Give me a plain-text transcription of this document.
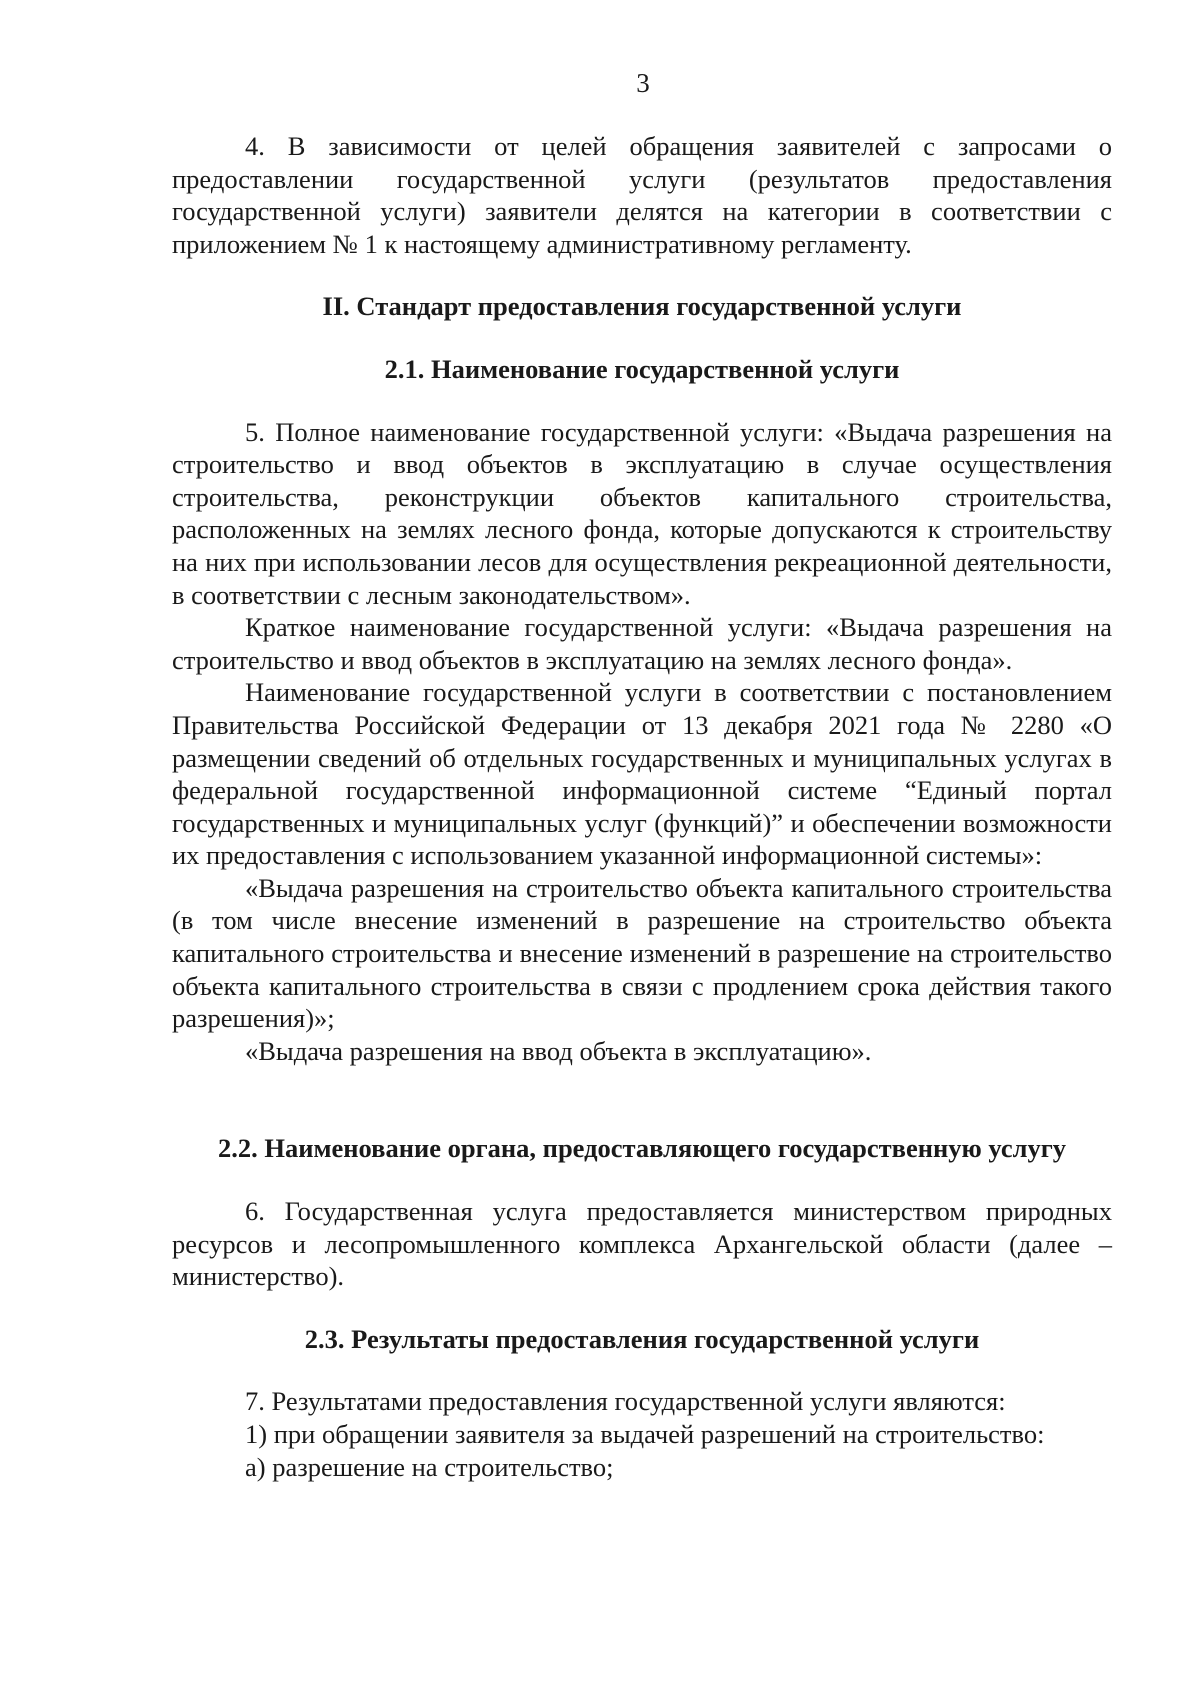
3

4. В зависимости от целей обращения заявителей с запросами о предоставлении государственной услуги (результатов предоставления государственной услуги) заявители делятся на категории в соответствии с приложением № 1 к настоящему административному регламенту.

II. Стандарт предоставления государственной услуги

2.1. Наименование государственной услуги

5. Полное наименование государственной услуги: «Выдача разрешения на строительство и ввод объектов в эксплуатацию в случае осуществления строительства, реконструкции объектов капитального строительства, расположенных на землях лесного фонда, которые допускаются к строительству на них при использовании лесов для осуществления рекреационной деятельности, в соответствии с лесным законодательством».

Краткое наименование государственной услуги: «Выдача разрешения на строительство и ввод объектов в эксплуатацию на землях лесного фонда».

Наименование государственной услуги в соответствии с постановлением Правительства Российской Федерации от 13 декабря 2021 года № 2280 «О размещении сведений об отдельных государственных и муниципальных услугах в федеральной государственной информационной системе “Единый портал государственных и муниципальных услуг (функций)” и обеспечении возможности их предоставления с использованием указанной информационной системы»:

«Выдача разрешения на строительство объекта капитального строительства (в том числе внесение изменений в разрешение на строительство объекта капитального строительства и внесение изменений в разрешение на строительство объекта капитального строительства в связи с продлением срока действия такого разрешения)»;

«Выдача разрешения на ввод объекта в эксплуатацию».

2.2. Наименование органа, предоставляющего государственную услугу

6. Государственная услуга предоставляется министерством природных ресурсов и лесопромышленного комплекса Архангельской области (далее – министерство).

2.3. Результаты предоставления государственной услуги

7. Результатами предоставления государственной услуги являются:

1) при обращении заявителя за выдачей разрешений на строительство:

а) разрешение на строительство;
